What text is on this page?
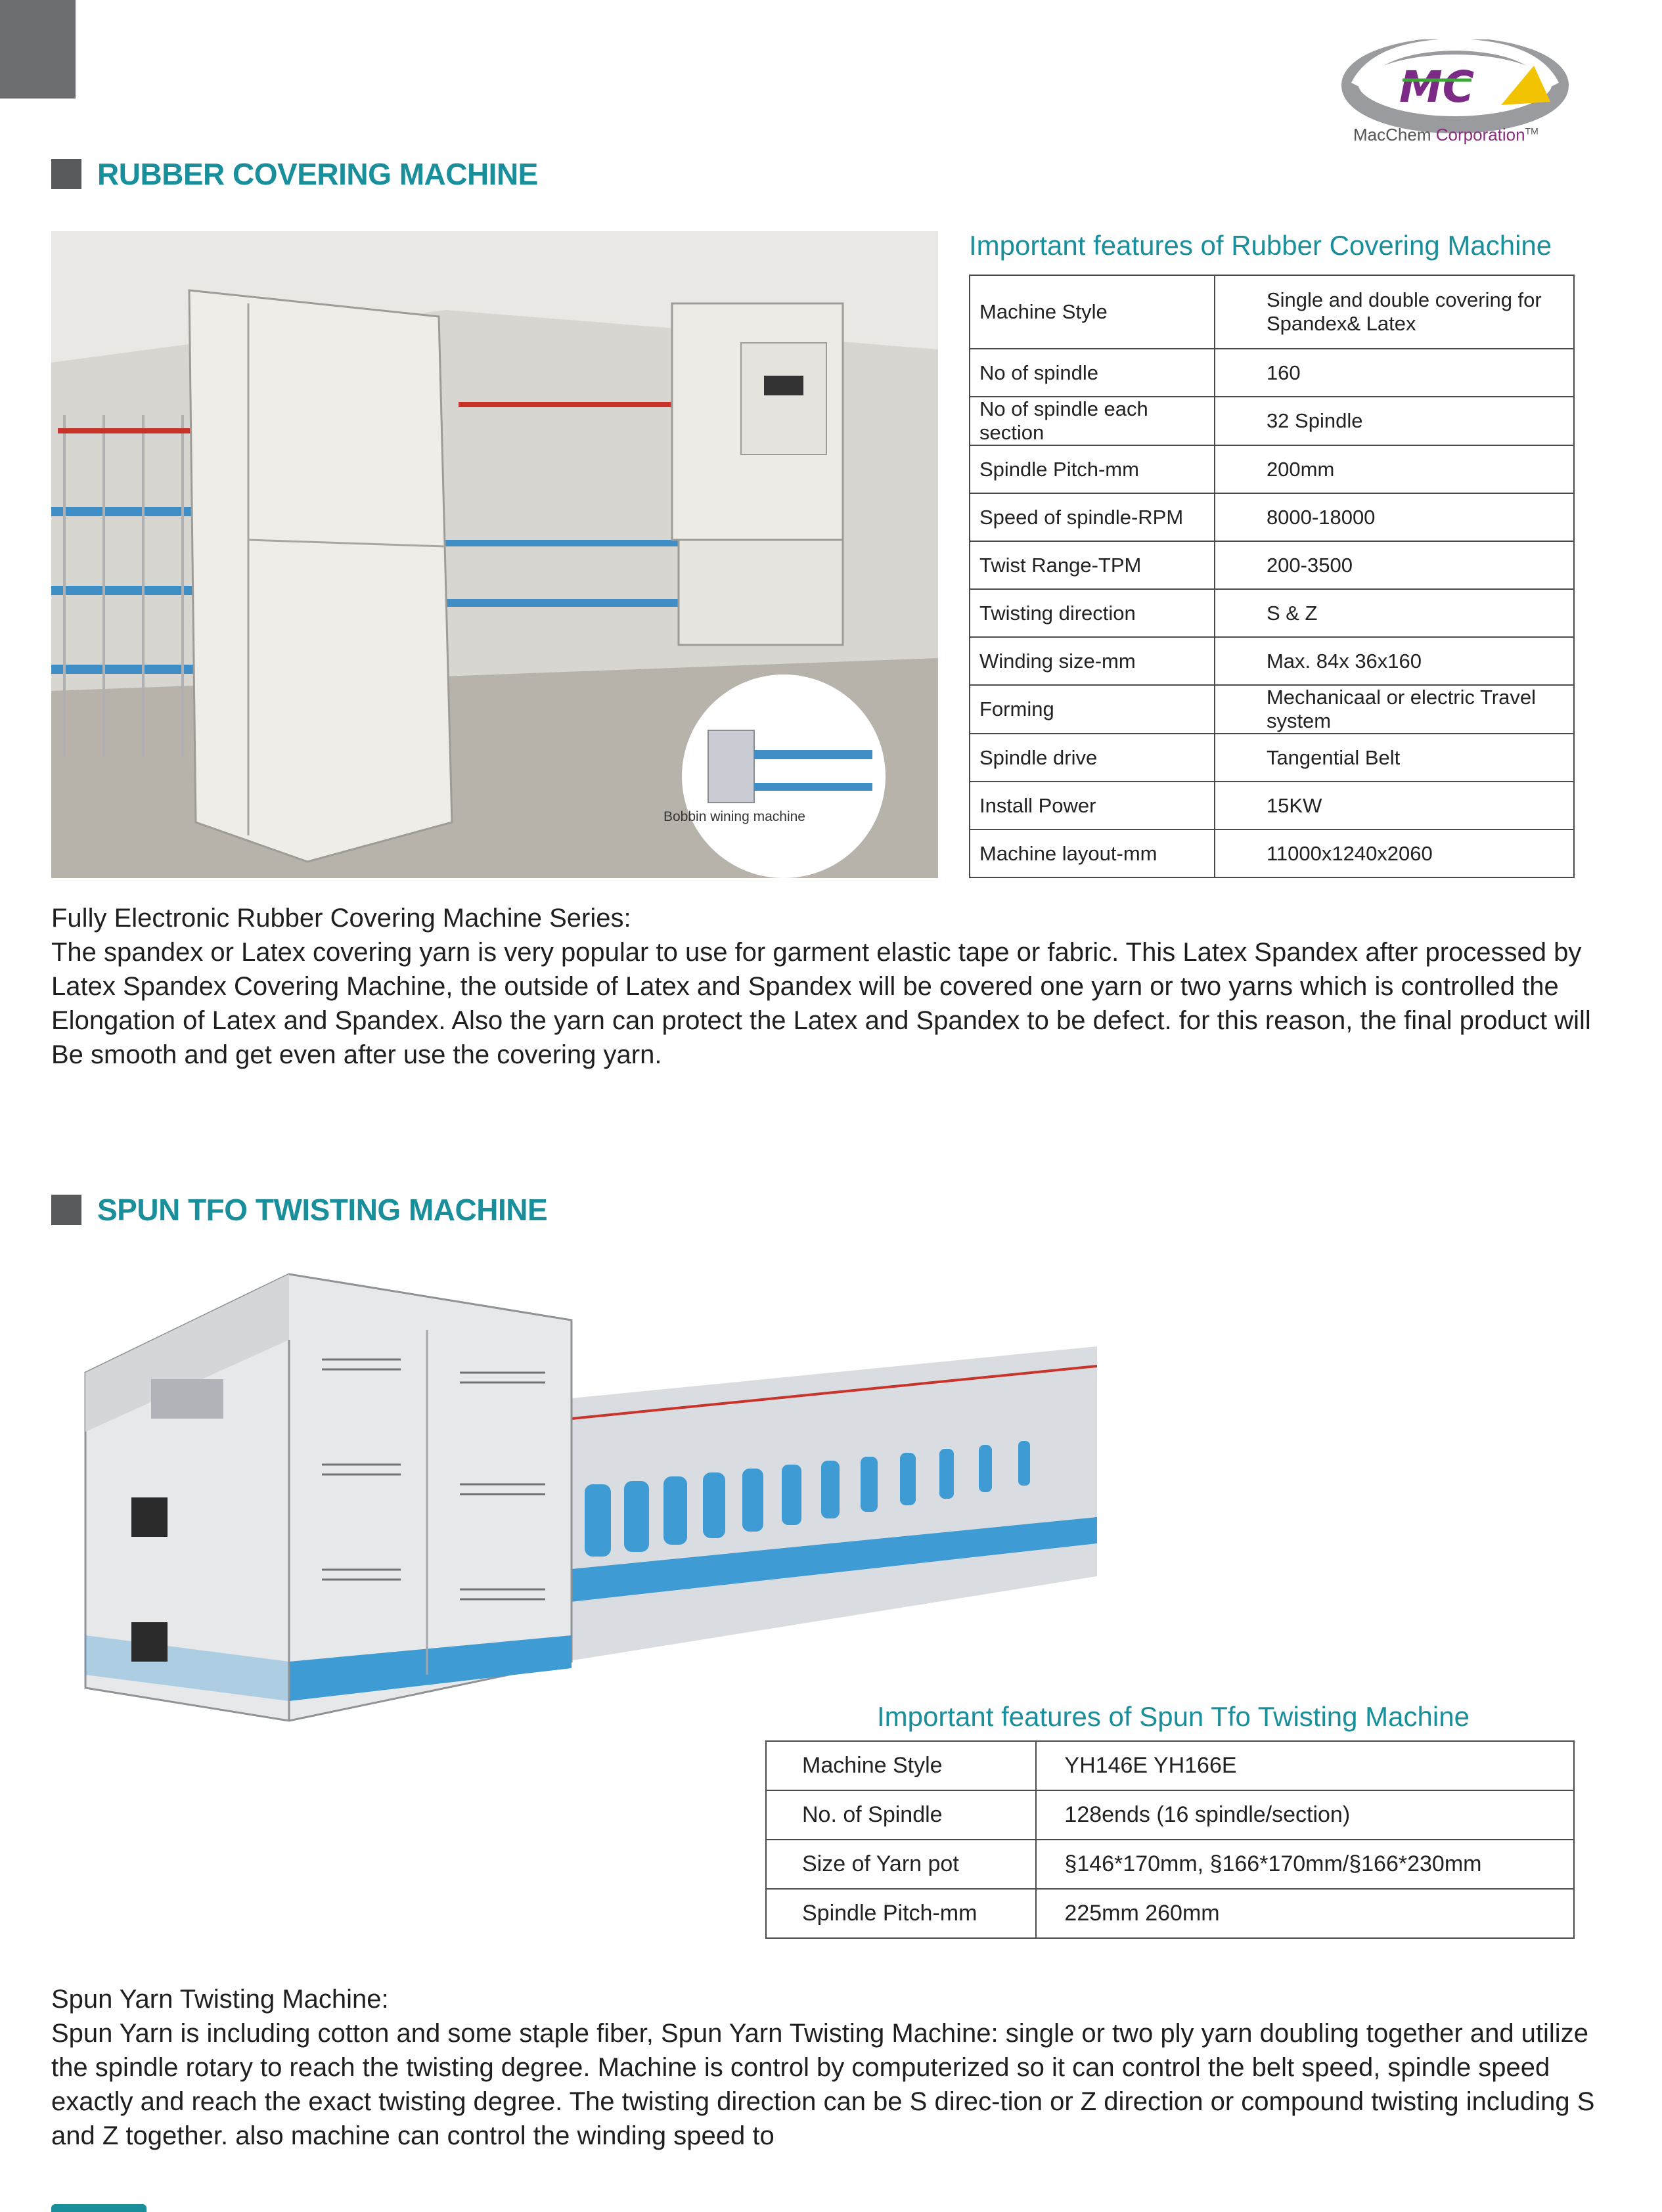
MC
MacChem Corporation™
RUBBER COVERING MACHINE
Bobbin wining machine
Important features of Rubber Covering Machine
Machine Style	Single and double covering for Spandex& Latex
No of spindle	160
No of spindle each section	32 Spindle
Spindle Pitch-mm	200mm
Speed of spindle-RPM	8000-18000
Twist Range-TPM	200-3500
Twisting direction	S & Z
Winding size-mm	Max. 84x 36x160
Forming	Mechanicaal or electric Travel system
Spindle drive	Tangential Belt
Install Power	15KW
Machine layout-mm	11000x1240x2060
Fully Electronic Rubber Covering Machine Series:
The spandex or Latex covering yarn is very popular to use for garment elastic tape or fabric. This Latex Spandex after processed by Latex Spandex Covering Machine, the outside of Latex and Spandex will be covered one yarn or two yarns which is controlled the Elongation of Latex and Spandex. Also the yarn can protect the Latex and Spandex to be defect. for this reason, the final product will Be smooth and get even after use the covering yarn.
SPUN TFO TWISTING MACHINE
Important features of Spun Tfo Twisting Machine
Machine Style	YH146E YH166E
No. of Spindle	128ends (16 spindle/section)
Size of Yarn pot	§146*170mm, §166*170mm/§166*230mm
Spindle Pitch-mm	225mm 260mm
Spun Yarn Twisting Machine:
Spun Yarn is including cotton and some staple fiber, Spun Yarn Twisting Machine: single or two ply yarn doubling together and utilize the spindle rotary to reach the twisting degree. Machine is control by computerized so it can control the belt speed, spindle speed exactly and reach the exact twisting degree. The twisting direction can be S direc-tion or Z direction or compound twisting including S and Z together. also machine can control the winding speed to
